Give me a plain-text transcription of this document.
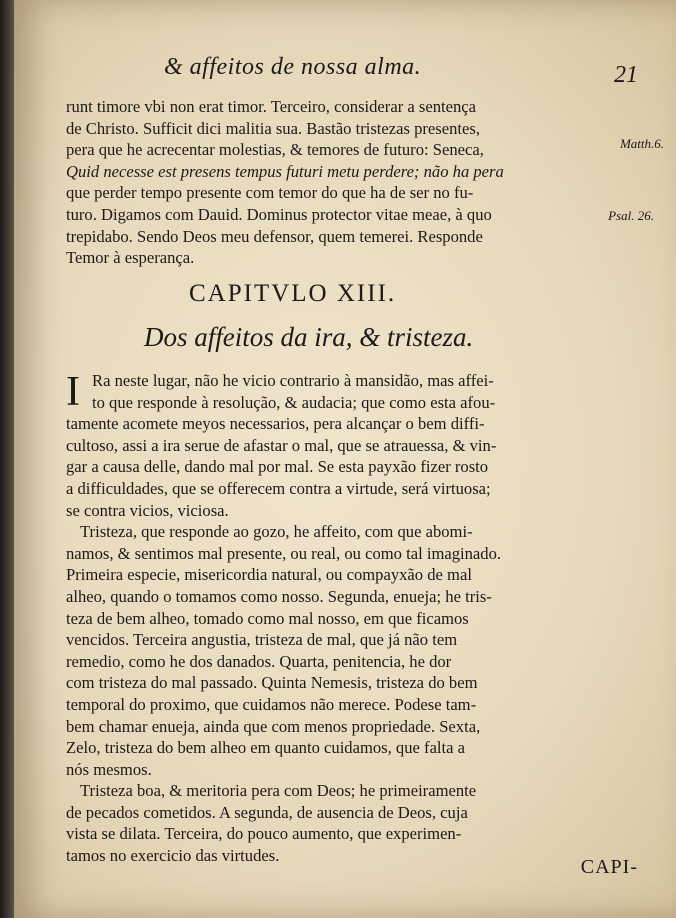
& affeitos de nossa alma.	21
runt timore vbi non erat timor. Terceiro, considerar a sentença
de Christo. Sufficit dici malitia sua. Bastão tristezas presentes,
pera que he acrecentar molestias, & temores de futuro: Seneca,
Quid necesse est presens tempus futuri metu perdere; não ha pera
que perder tempo presente com temor do que ha de ser no fu-
turo. Digamos com Dauid. Dominus protector vitae meae, à quo
trepidabo. Sendo Deos meu defensor, quem temerei. Responde
Temor à esperança.
CAPITVLO XIII.
Dos affeitos da ira, & tristeza.
I Ra neste lugar, não he vicio contrario à mansidão, mas affei-
to que responde à resolução, & audacia; que como esta afou-
tamente acomete meyos necessarios, pera alcançar o bem diffi-
cultoso, assi a ira serue de afastar o mal, que se atrauessa, & vin-
gar a causa delle, dando mal por mal. Se esta payxão fizer rosto
a difficuldades, que se offerecem contra a virtude, será virtuosa;
se contra vicios, viciosa.
Tristeza, que responde ao gozo, he affeito, com que abomi-
namos, & sentimos mal presente, ou real, ou como tal imaginado.
Primeira especie, misericordia natural, ou compayxão de mal
alheo, quando o tomamos como nosso. Segunda, enueja; he tris-
teza de bem alheo, tomado como mal nosso, em que ficamos
vencidos. Terceira angustia, tristeza de mal, que já não tem
remedio, como he dos danados. Quarta, penitencia, he dor
com tristeza do mal passado. Quinta Nemesis, tristeza do bem
temporal do proximo, que cuidamos não merece. Podese tam-
bem chamar enueja, ainda que com menos propriedade. Sexta,
Zelo, tristeza do bem alheo em quanto cuidamos, que falta a
nós mesmos.
Tristeza boa, & meritoria pera com Deos; he primeiramente
de pecados cometidos. A segunda, de ausencia de Deos, cuja
vista se dilata. Terceira, do pouco aumento, que experimen-
tamos no exercicio das virtudes.
Matth.6.
Psal. 26.
CAPI-
